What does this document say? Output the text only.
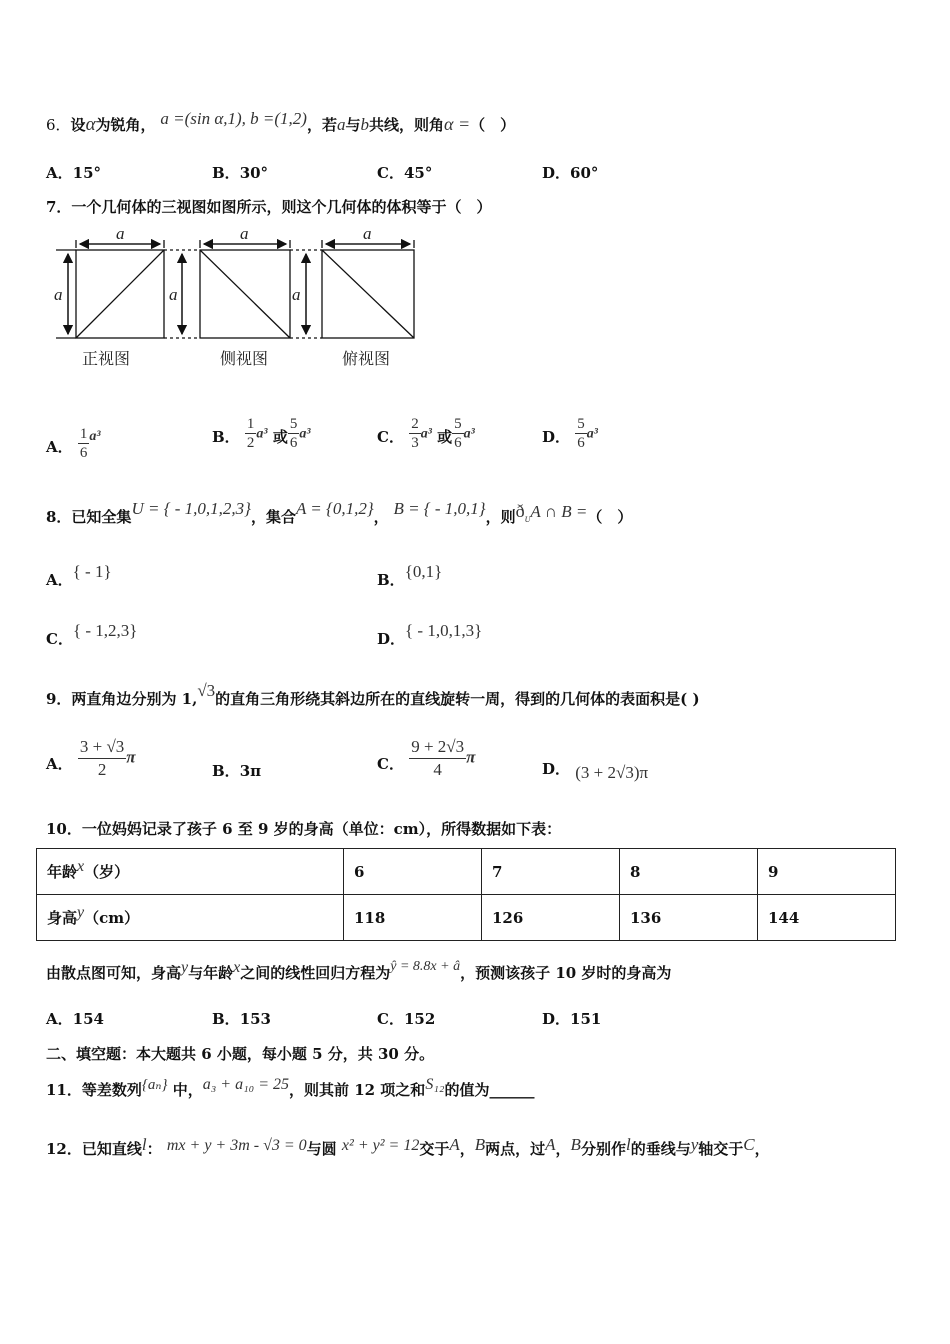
6．设α为锐角， a =(sin α,1), b =(1,2)，若a与b共线，则角α =（　）
A．15°	B．30°	C．45°	D．60°
7．一个几何体的三视图如图所示，则这个几何体的体积等于（　）
a	a	a
a	a	a
正视图	侧视图	俯视图
A． $\frac{1}{6} a^3$	B． $\frac{1}{2} a^3$ 或 $\frac{5}{6} a^3$	C． $\frac{2}{3} a^3$ 或 $\frac{5}{6} a^3$	D． $\frac{5}{6} a^3$
8．已知全集U = { - 1,0,1,2,3}，集合A = {0,1,2}， B = { - 1,0,1}，则ðUA ∩ B =（　）
A．{ - 1}	B．{0,1}
C．{ - 1,2,3}	D．{ - 1,0,1,3}
9．两直角边分别为 1,√3的直角三角形绕其斜边所在的直线旋转一周，得到的几何体的表面积是( )
A． $\frac{3 + √3}{2}$ π
B．3π	C． $\frac{9 + 2√3}{4}$ π
D． (3 + 2√3)π
10．一位妈妈记录了孩子 6 至 9 岁的身高（单位：cm），所得数据如下表：
年龄x（岁）	6	7	8	9
身高y（cm）	118	126	136	144
由散点图可知，身高y与年龄x之间的线性回归方程为ŷ = 8.8x + â，预测该孩子 10 岁时的身高为
A．154	B．153	C．152	D．151
二、填空题：本大题共 6 小题，每小题 5 分，共 30 分。
11．等差数列{aₙ} 中，a₃ + a₁₀ = 25，则其前 12 项之和S₁₂的值为______
12．已知直线l： mx + y + 3m - √3 = 0与圆 x² + y² = 12交于A，B两点，过A，B分别作l的垂线与y轴交于C，
